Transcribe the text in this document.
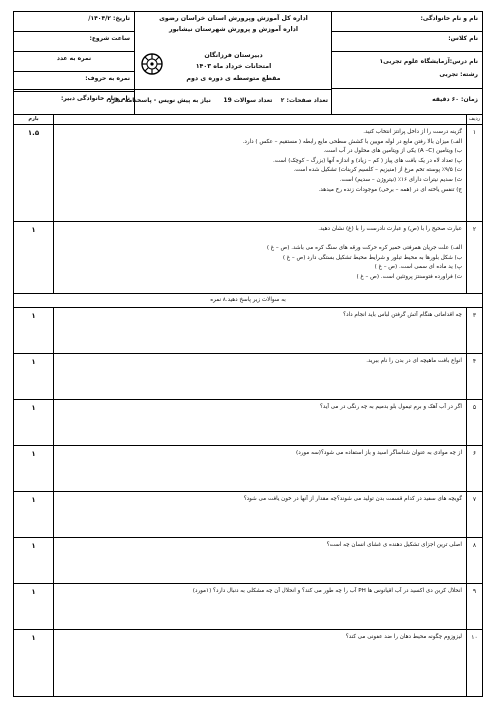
نام و نام خانوادگی:
نام کلاس:
نام درس:آزمایشگاه علوم تجربی۱
رشته: تجربی
زمان: ۶۰ دقیقه
اداره کل آموزش وپرورش استان خراسان رضوی
اداره آموزش و پرورش شهرستان نیشابور
دبیرستان فرزانگان
امتحانات خرداد ماه ۱۴۰۳
مقطع متوسطه ی دوره ی دوم
تعداد صفحات: ۲    تعداد سوالات 19      نیاز به پیش نویس - پاسخنامه ندارد
تاریخ: ۱۴۰۴/۲/
ساعت شروع:
نمره به عدد
نمره به حروف:
نام ونام خانوادگی دبیر:
ردیف
بارم
۱
۱.۵	گزینه درست را از داخل پرانتز انتخاب کنید.
الف) میزان بالا رفتن مایع در لوله مویین با کشش سطحی مایع رابطه ( مستقیم – عکس ) دارد.
ب) ویتامین (A –C) یکی از ویتامین های محلول در آب است.
پ) تعداد لاه در یک بافت های پیاز ( کم – زیاد) و اندازه آنها (بزرگ – کوچک) است.
ت) ۹/۵٪ پوسته تخم مرغ از (منیزیم – کلسیم کربنات) تشکیل شده است.
ث) سدیم نیترات دارای ۱۶٪ (نیتروژن – سدیم) است.
ج) تنفس یاخته ای در (همه – برخی) موجودات زنده رخ میدهد.
۲
۱	عبارت صحیح را با (ص) و عبارت نادرست را با (غ) نشان دهید.

الف) علت جریان همرفتی خمیر کره حرکت ورقه های سنگ کره می باشد. (ص – غ )
ب) شکل بلورها به محیط تبلور و شرایط محیط تشکیل بستگی دارد (ص – غ )
پ) ید ماده ای سمی است. (ص – غ )
ت) فراورده فتوسنتز پروتئین است. (ص – غ )
به سوالات زیر پاسخ دهید.۸ نمره
۳
۱	چه اقداماتی هنگام آتش گرفتن لباس باید انجام داد؟
۴
۱	انواع بافت ماهیچه ای در بدن را نام ببرید.
۵
۱	اگر در آب آهک و برم تیمول بلو بدمیم به چه رنگی در می آید؟
۶
۱	از چه موادی به عنوان شناساگر اسید و باز استفاده می شود؟(سه مورد)
۷
۱	گویچه های سفید در کدام قسمت بدن تولید می شوند؟چه مقدار از آنها در خون یافت می شود؟
۸
۱	اصلی ترین اجزای تشکیل دهنده ی غشای انسان چه است؟
۹
۱	انحلال کربن دی اکسید در آب اقیانوس ها PH آب را چه طور می کند؟ و انحلال آن چه مشکلی به دنبال دارد؟ (۱مورد)
۱۰
۱	لیزوزوم چگونه محیط دهان را ضد عفونی می کند؟
